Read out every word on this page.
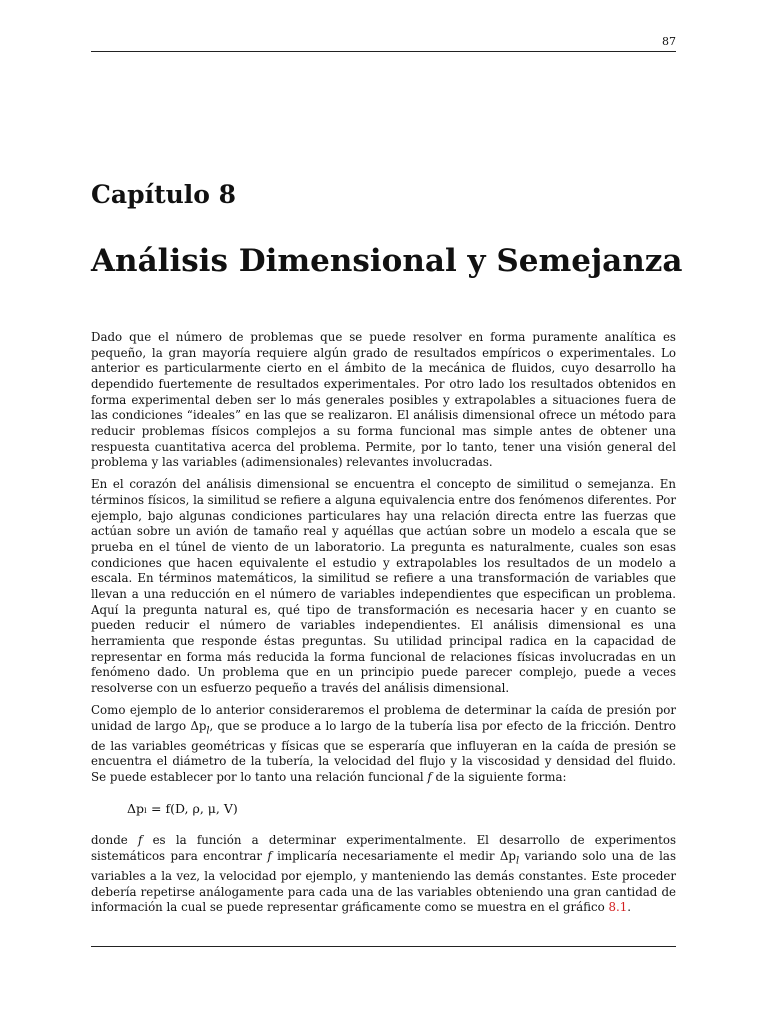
87
Capítulo 8
Análisis Dimensional y Semejanza

Dado que el número de problemas que se puede resolver en forma puramente analítica es pequeño, la gran mayoría requiere algún grado de resultados empíricos o experimentales. Lo anterior es particularmente cierto en el ámbito de la mecánica de fluidos, cuyo desarrollo ha dependido fuertemente de resultados experimentales. Por otro lado los resultados obtenidos en forma experimental deben ser lo más generales posibles y extrapolables a situaciones fuera de las condiciones “ideales” en las que se realizaron. El análisis dimensional ofrece un método para reducir problemas físicos complejos a su forma funcional mas simple antes de obtener una respuesta cuantitativa acerca del problema. Permite, por lo tanto, tener una visión general del problema y las variables (adimensionales) relevantes involucradas.

En el corazón del análisis dimensional se encuentra el concepto de similitud o semejanza. En términos físicos, la similitud se refiere a alguna equivalencia entre dos fenómenos diferentes. Por ejemplo, bajo algunas condiciones particulares hay una relación directa entre las fuerzas que actúan sobre un avión de tamaño real y aquéllas que actúan sobre un modelo a escala que se prueba en el túnel de viento de un laboratorio. La pregunta es naturalmente, cuales son esas condiciones que hacen equivalente el estudio y extrapolables los resultados de un modelo a escala. En términos matemáticos, la similitud se refiere a una transformación de variables que llevan a una reducción en el número de variables independientes que especifican un problema. Aquí la pregunta natural es, qué tipo de transformación es necesaria hacer y en cuanto se pueden reducir el número de variables independientes. El análisis dimensional es una herramienta que responde éstas preguntas. Su utilidad principal radica en la capacidad de representar en forma más reducida la forma funcional de relaciones físicas involucradas en un fenómeno dado. Un problema que en un principio puede parecer complejo, puede a veces resolverse con un esfuerzo pequeño a través del análisis dimensional.

Como ejemplo de lo anterior consideraremos el problema de determinar la caída de presión por unidad de largo $\Delta p_l$, que se produce a lo largo de la tubería lisa por efecto de la fricción. Dentro de las variables geométricas y físicas que se esperaría que influyeran en la caída de presión se encuentra el diámetro de la tubería, la velocidad del flujo y la viscosidad y densidad del fluido. Se puede establecer por lo tanto una relación funcional f de la siguiente forma:

Δpₗ = f(D, ρ, μ, V)

donde f es la función a determinar experimentalmente. El desarrollo de experimentos sistemáticos para encontrar f implicaría necesariamente el medir $\Delta p_l$ variando solo una de las variables a la vez, la velocidad por ejemplo, y manteniendo las demás constantes. Este proceder debería repetirse análogamente para cada una de las variables obteniendo una gran cantidad de información la cual se puede representar gráficamente como se muestra en el gráfico 8.1.
